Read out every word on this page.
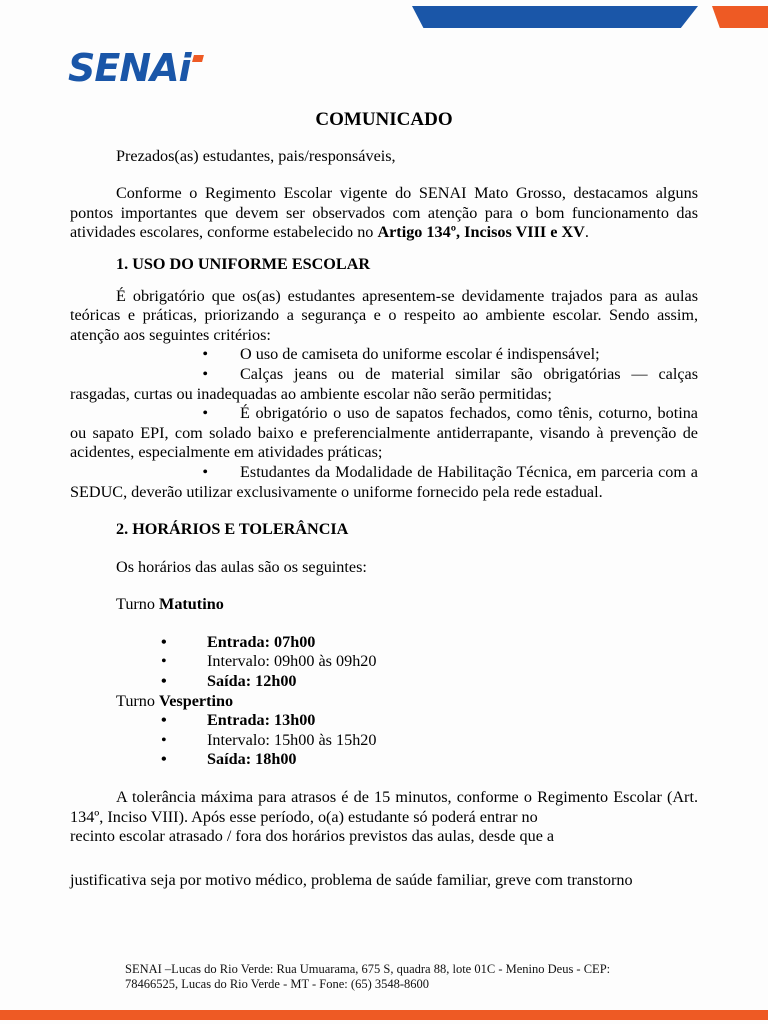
SENAi

COMUNICADO

Prezados(as) estudantes, pais/responsáveis,

Conforme o Regimento Escolar vigente do SENAI Mato Grosso, destacamos alguns pontos importantes que devem ser observados com atenção para o bom funcionamento das atividades escolares, conforme estabelecido no Artigo 134º, Incisos VIII e XV.

1. USO DO UNIFORME ESCOLAR

É obrigatório que os(as) estudantes apresentem-se devidamente trajados para as aulas teóricas e práticas, priorizando a segurança e o respeito ao ambiente escolar. Sendo assim, atenção aos seguintes critérios:

• O uso de camiseta do uniforme escolar é indispensável;

• Calças jeans ou de material similar são obrigatórias — calças rasgadas, curtas ou inadequadas ao ambiente escolar não serão permitidas;

• É obrigatório o uso de sapatos fechados, como tênis, coturno, botina ou sapato EPI, com solado baixo e preferencialmente antiderrapante, visando à prevenção de acidentes, especialmente em atividades práticas;

• Estudantes da Modalidade de Habilitação Técnica, em parceria com a SEDUC, deverão utilizar exclusivamente o uniforme fornecido pela rede estadual.

2. HORÁRIOS E TOLERÂNCIA

Os horários das aulas são os seguintes:

Turno Matutino

• Entrada: 07h00
• Intervalo: 09h00 às 09h20
• Saída: 12h00

Turno Vespertino

• Entrada: 13h00
• Intervalo: 15h00 às 15h20
• Saída: 18h00

A tolerância máxima para atrasos é de 15 minutos, conforme o Regimento Escolar (Art. 134º, Inciso VIII). Após esse período, o(a) estudante só poderá entrar no

recinto escolar atrasado / fora dos horários previstos das aulas, desde que a

justificativa seja por motivo médico, problema de saúde familiar, greve com transtorno

SENAI –Lucas do Rio Verde: Rua Umuarama, 675 S, quadra 88, lote 01C - Menino Deus - CEP:
78466525, Lucas do Rio Verde - MT - Fone: (65) 3548-8600
